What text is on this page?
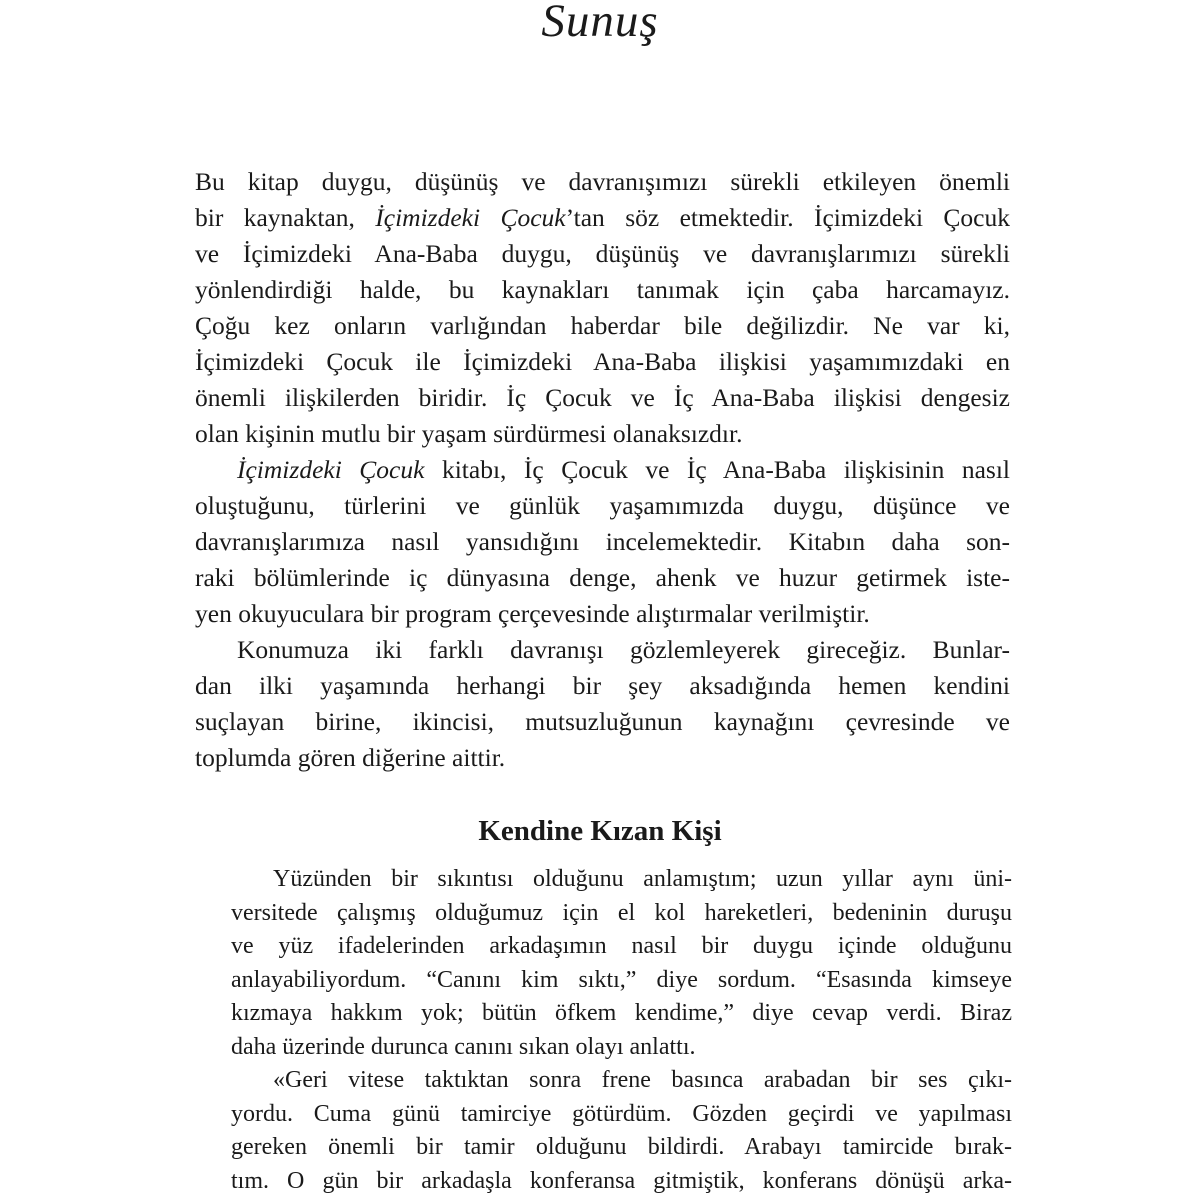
Sunuş
Bu kitap duygu, düşünüş ve davranışımızı sürekli etkileyen önemli
bir kaynaktan, İçimizdeki Çocuk’tan söz etmektedir. İçimizdeki Çocuk
ve İçimizdeki Ana-Baba duygu, düşünüş ve davranışlarımızı sürekli
yönlendirdiği halde, bu kaynakları tanımak için çaba harcamayız.
Çoğu kez onların varlığından haberdar bile değilizdir. Ne var ki,
İçimizdeki Çocuk ile İçimizdeki Ana-Baba ilişkisi yaşamımızdaki en
önemli ilişkilerden biridir. İç Çocuk ve İç Ana-Baba ilişkisi dengesiz
olan kişinin mutlu bir yaşam sürdürmesi olanaksızdır.
İçimizdeki Çocuk kitabı, İç Çocuk ve İç Ana-Baba ilişkisinin nasıl
oluştuğunu, türlerini ve günlük yaşamımızda duygu, düşünce ve
davranışlarımıza nasıl yansıdığını incelemektedir. Kitabın daha son-
raki bölümlerinde iç dünyasına denge, ahenk ve huzur getirmek iste-
yen okuyuculara bir program çerçevesinde alıştırmalar verilmiştir.
Konumuza iki farklı davranışı gözlemleyerek gireceğiz. Bunlar-
dan ilki yaşamında herhangi bir şey aksadığında hemen kendini
suçlayan birine, ikincisi, mutsuzluğunun kaynağını çevresinde ve
toplumda gören diğerine aittir.
Kendine Kızan Kişi
Yüzünden bir sıkıntısı olduğunu anlamıştım; uzun yıllar aynı üni-
versitede çalışmış olduğumuz için el kol hareketleri, bedeninin duruşu
ve yüz ifadelerinden arkadaşımın nasıl bir duygu içinde olduğunu
anlayabiliyordum. “Canını kim sıktı,” diye sordum. “Esasında kimseye
kızmaya hakkım yok; bütün öfkem kendime,” diye cevap verdi. Biraz
daha üzerinde durunca canını sıkan olayı anlattı.
«Geri vitese taktıktan sonra frene basınca arabadan bir ses çıkı-
yordu. Cuma günü tamirciye götürdüm. Gözden geçirdi ve yapılması
gereken önemli bir tamir olduğunu bildirdi. Arabayı tamircide bırak-
tım. O gün bir arkadaşla konferansa gitmiştik, konferans dönüşü arka-
